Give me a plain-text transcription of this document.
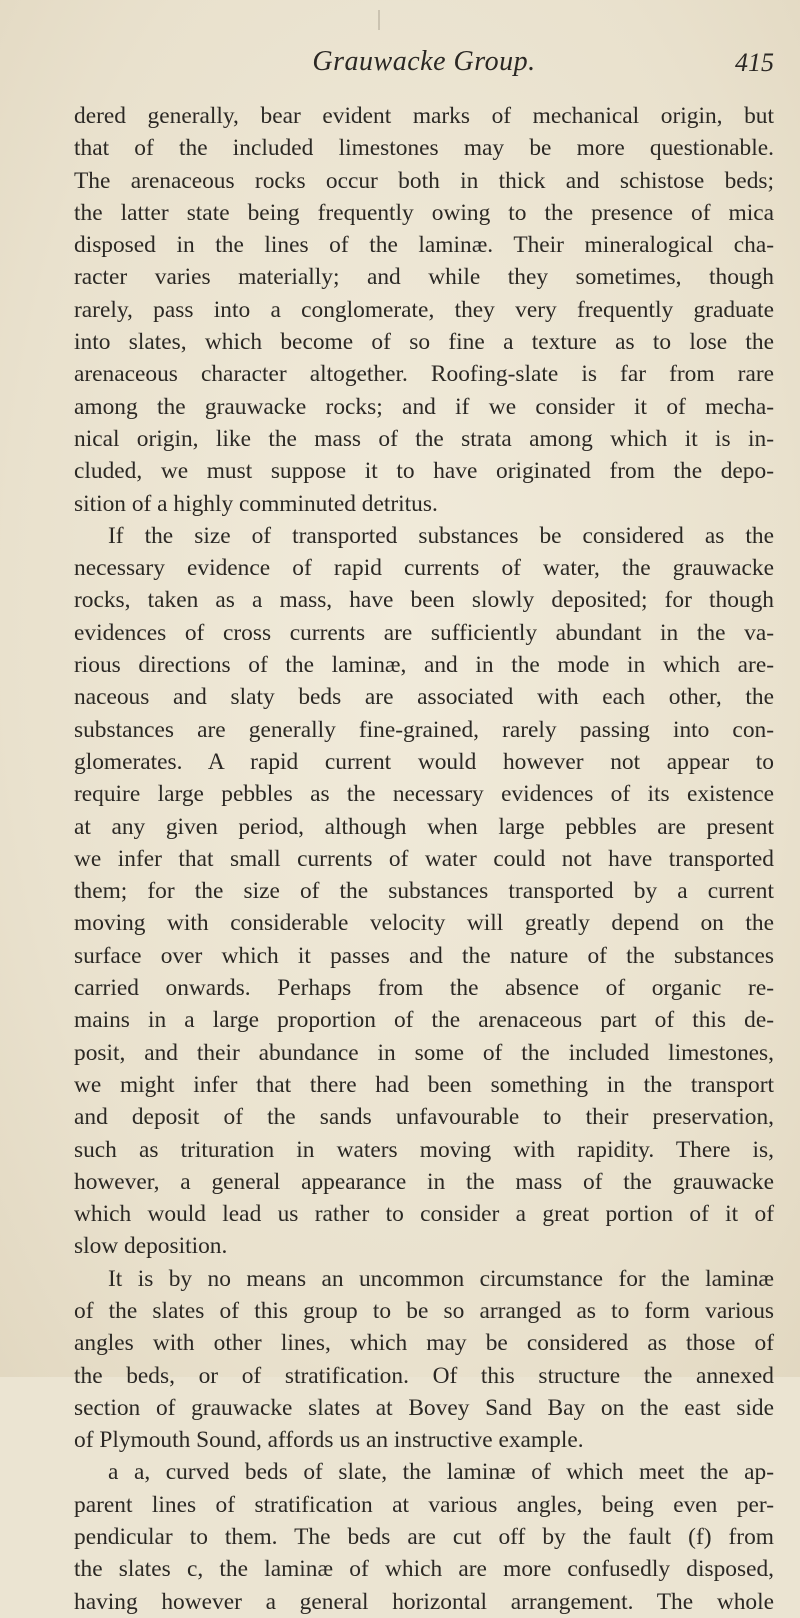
Grauwacke Group.	415

dered generally, bear evident marks of mechanical origin, but
that of the included limestones may be more questionable.
The arenaceous rocks occur both in thick and schistose beds;
the latter state being frequently owing to the presence of mica
disposed in the lines of the laminæ. Their mineralogical cha-
racter varies materially; and while they sometimes, though
rarely, pass into a conglomerate, they very frequently graduate
into slates, which become of so fine a texture as to lose the
arenaceous character altogether. Roofing-slate is far from rare
among the grauwacke rocks; and if we consider it of mecha-
nical origin, like the mass of the strata among which it is in-
cluded, we must suppose it to have originated from the depo-
sition of a highly comminuted detritus.

If the size of transported substances be considered as the
necessary evidence of rapid currents of water, the grauwacke
rocks, taken as a mass, have been slowly deposited; for though
evidences of cross currents are sufficiently abundant in the va-
rious directions of the laminæ, and in the mode in which are-
naceous and slaty beds are associated with each other, the
substances are generally fine-grained, rarely passing into con-
glomerates. A rapid current would however not appear to
require large pebbles as the necessary evidences of its existence
at any given period, although when large pebbles are present
we infer that small currents of water could not have transported
them; for the size of the substances transported by a current
moving with considerable velocity will greatly depend on the
surface over which it passes and the nature of the substances
carried onwards. Perhaps from the absence of organic re-
mains in a large proportion of the arenaceous part of this de-
posit, and their abundance in some of the included limestones,
we might infer that there had been something in the transport
and deposit of the sands unfavourable to their preservation,
such as trituration in waters moving with rapidity. There is,
however, a general appearance in the mass of the grauwacke
which would lead us rather to consider a great portion of it of
slow deposition.

It is by no means an uncommon circumstance for the laminæ
of the slates of this group to be so arranged as to form various
angles with other lines, which may be considered as those of
the beds, or of stratification. Of this structure the annexed
section of grauwacke slates at Bovey Sand Bay on the east side
of Plymouth Sound, affords us an instructive example.

a a, curved beds of slate, the laminæ of which meet the ap-
parent lines of stratification at various angles, being even per-
pendicular to them. The beds are cut off by the fault (f) from
the slates c, the laminæ of which are more confusedly disposed,
having however a general horizontal arrangement. The whole
